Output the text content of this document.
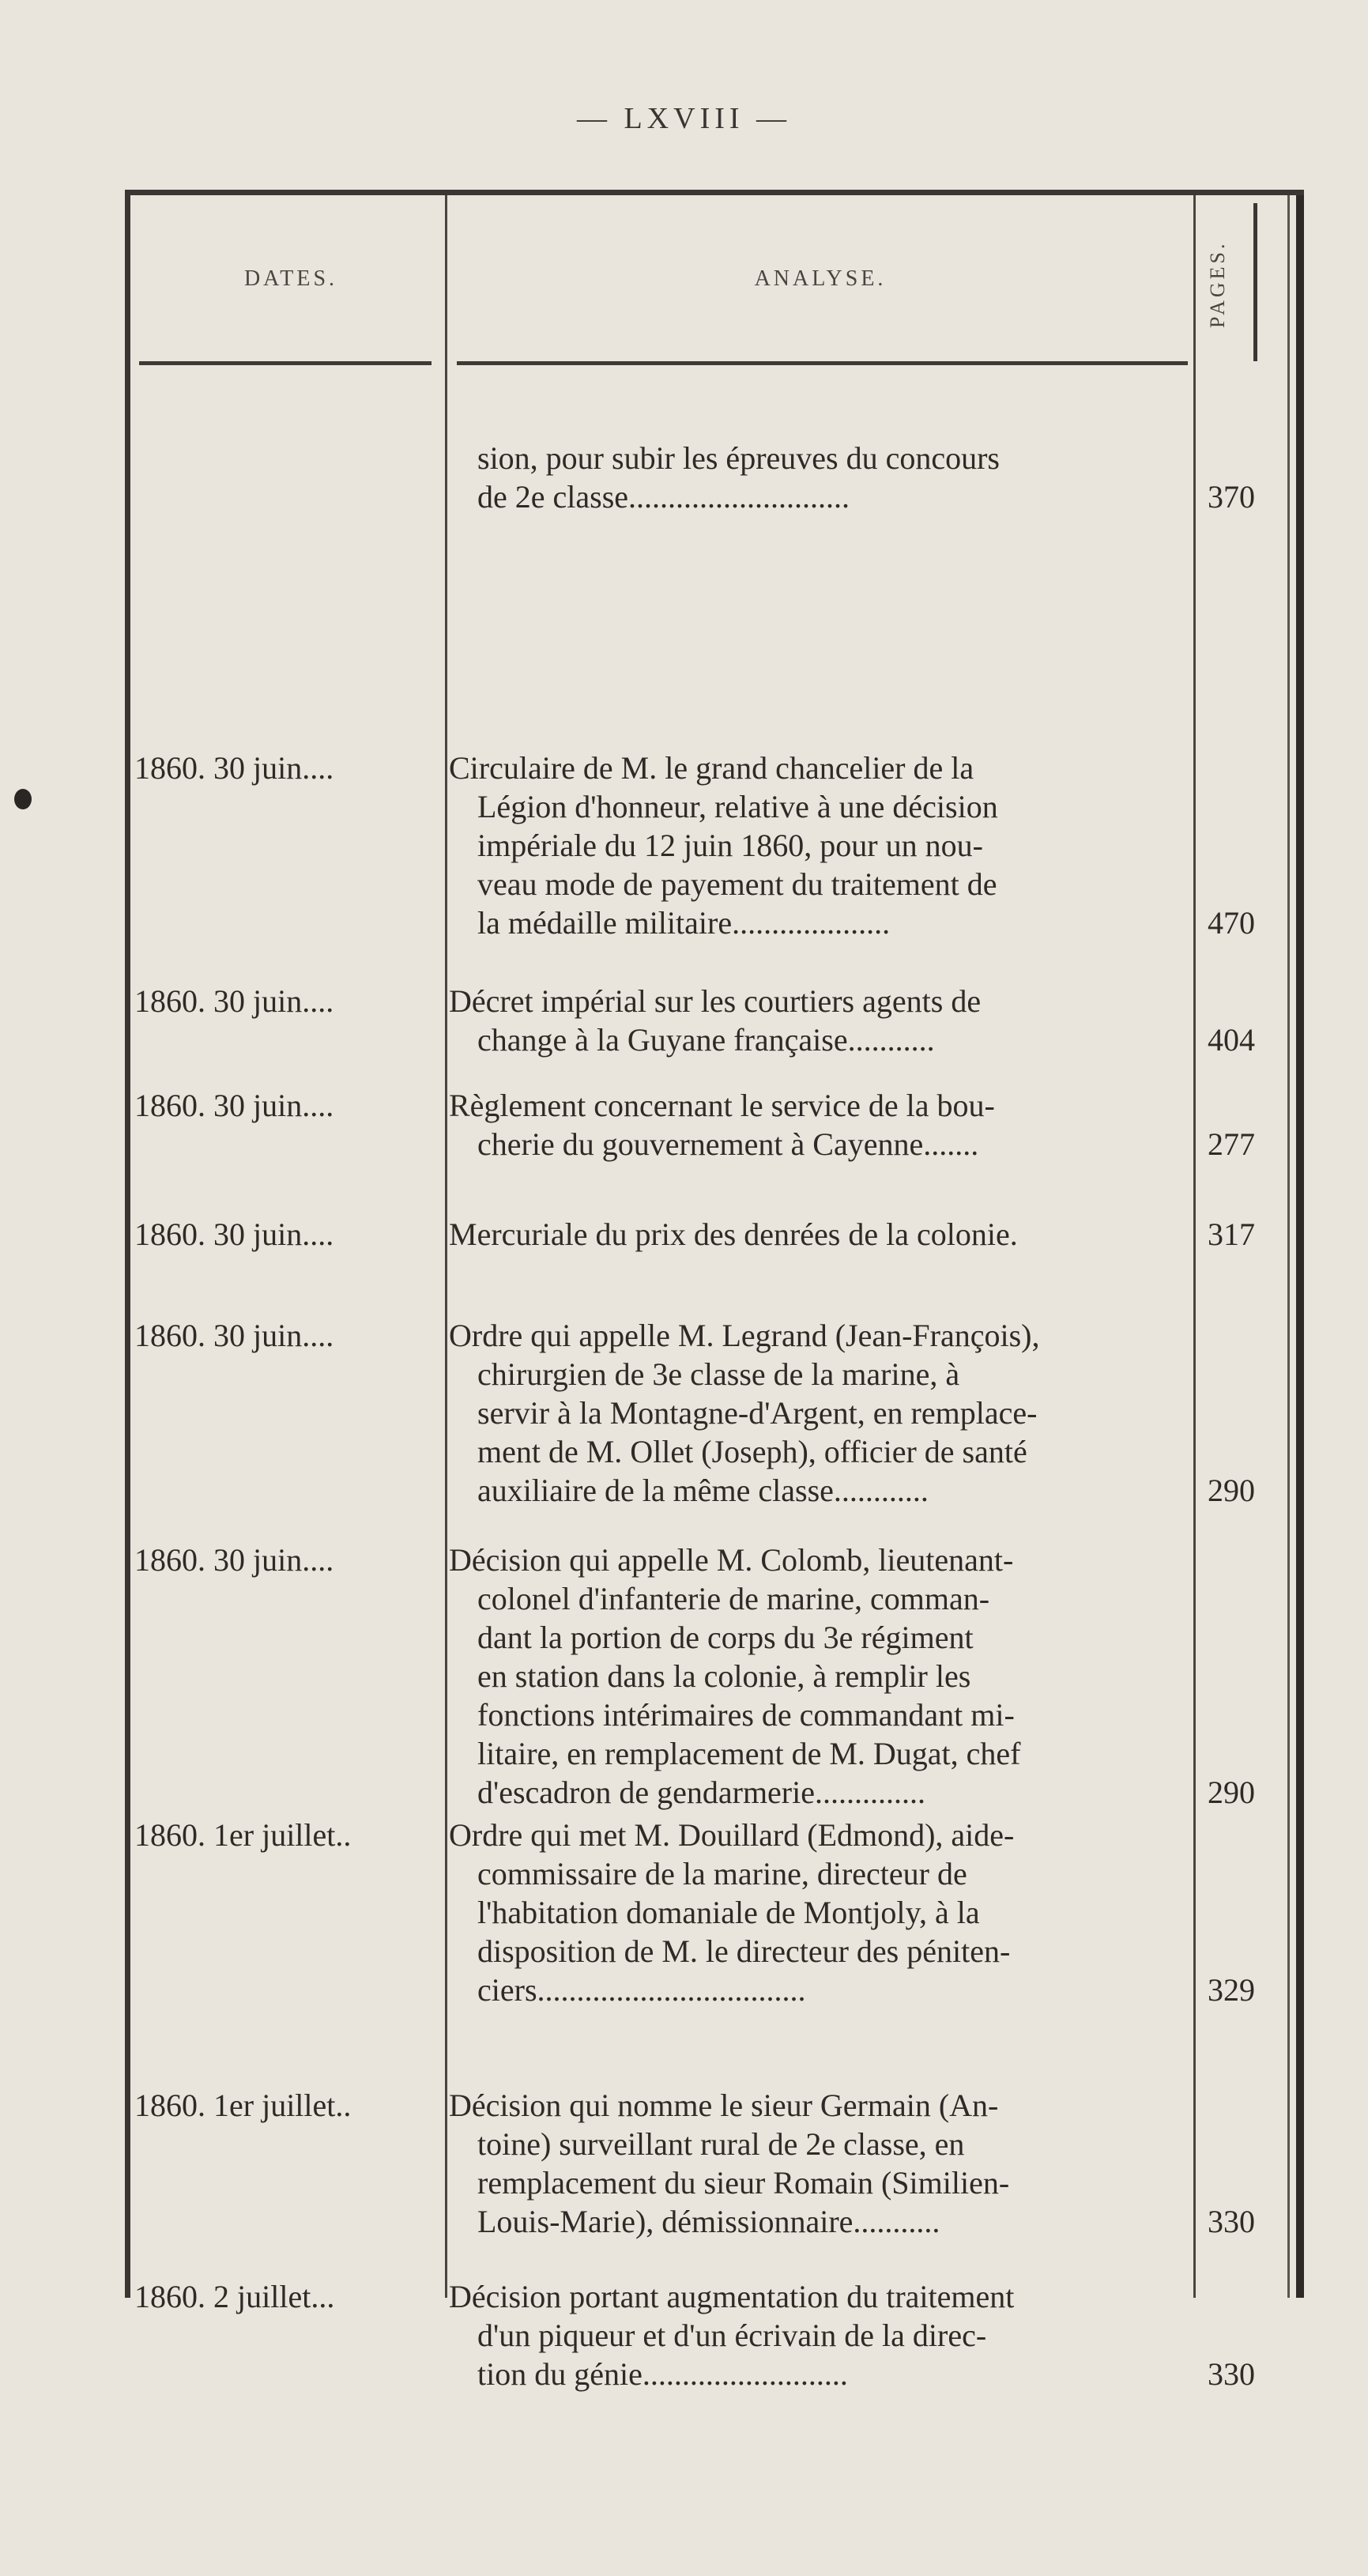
— LXVIII —
DATES.	ANALYSE.	PAGES.
sion, pour subir les épreuves du concours
de 2e classe............................	370
1860. 30 juin....	Circulaire de M. le grand chancelier de la
Légion d'honneur, relative à une décision
impériale du 12 juin 1860, pour un nou-
veau mode de payement du traitement de
la médaille militaire....................	470
1860. 30 juin....	Décret impérial sur les courtiers agents de
change à la Guyane française...........	404
1860. 30 juin....	Règlement concernant le service de la bou-
cherie du gouvernement à Cayenne.......	277
1860. 30 juin....	Mercuriale du prix des denrées de la colonie.	317
1860. 30 juin....	Ordre qui appelle M. Legrand (Jean-François),
chirurgien de 3e classe de la marine, à
servir à la Montagne-d'Argent, en remplace-
ment de M. Ollet (Joseph), officier de santé
auxiliaire de la même classe............	290
1860. 30 juin....	Décision qui appelle M. Colomb, lieutenant-
colonel d'infanterie de marine, comman-
dant la portion de corps du 3e régiment
en station dans la colonie, à remplir les
fonctions intérimaires de commandant mi-
litaire, en remplacement de M. Dugat, chef
d'escadron de gendarmerie..............	290
1860. 1er juillet..	Ordre qui met M. Douillard (Edmond), aide-
commissaire de la marine, directeur de
l'habitation domaniale de Montjoly, à la
disposition de M. le directeur des péniten-
ciers..................................	329
1860. 1er juillet..	Décision qui nomme le sieur Germain (An-
toine) surveillant rural de 2e classe, en
remplacement du sieur Romain (Similien-
Louis-Marie), démissionnaire...........	330
1860. 2 juillet...	Décision portant augmentation du traitement
d'un piqueur et d'un écrivain de la direc-
tion du génie..........................	330
